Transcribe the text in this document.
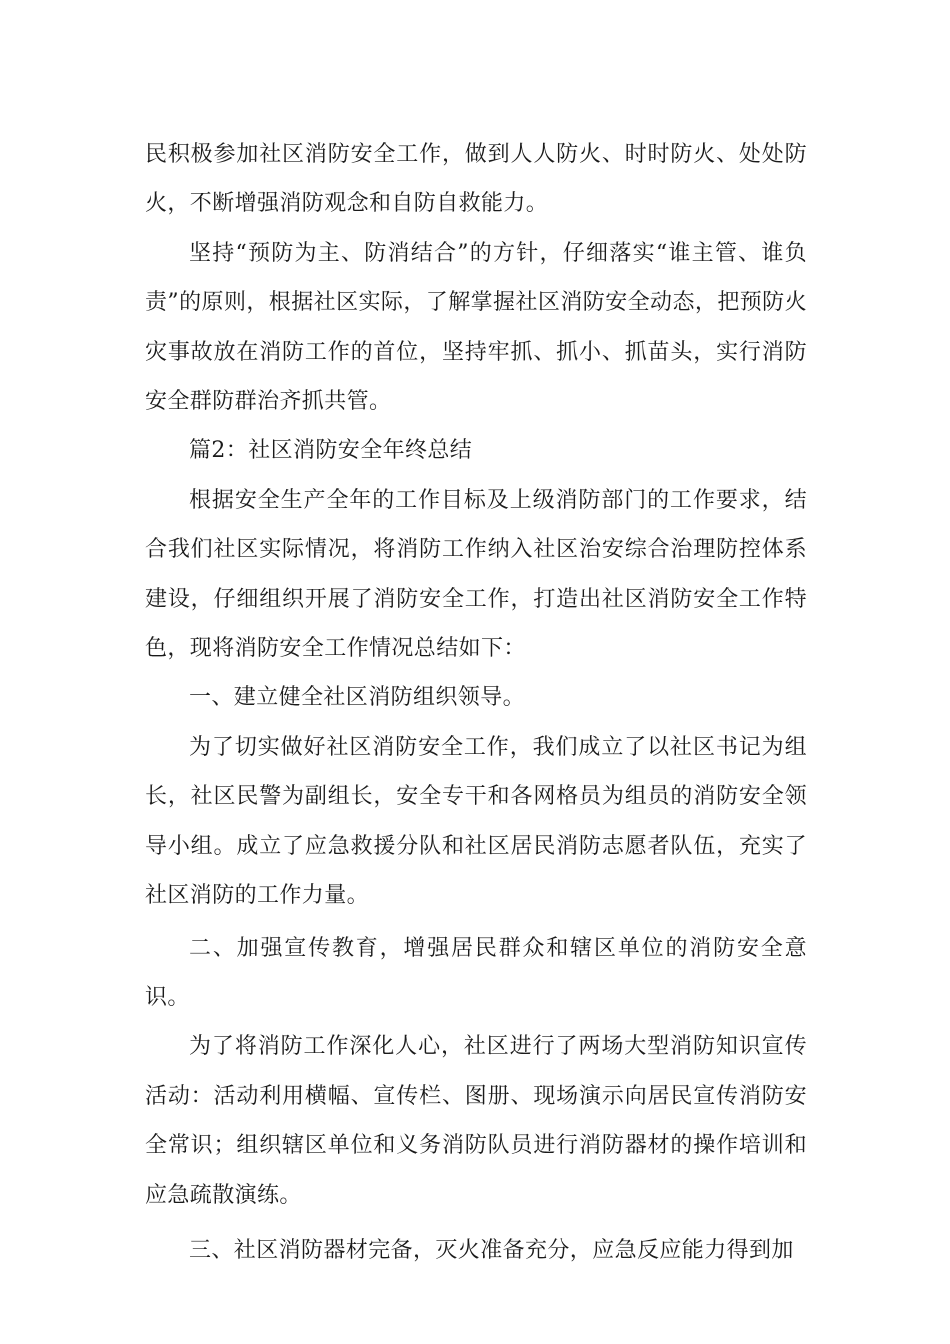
民积极参加社区消防安全工作，做到人人防火、时时防火、处处防火，不断增强消防观念和自防自救能力。

坚持“预防为主、防消结合”的方针，仔细落实“谁主管、谁负责”的原则，根据社区实际，了解掌握社区消防安全动态，把预防火灾事故放在消防工作的首位，坚持牢抓、抓小、抓苗头，实行消防安全群防群治齐抓共管。

篇2：社区消防安全年终总结

根据安全生产全年的工作目标及上级消防部门的工作要求，结合我们社区实际情况，将消防工作纳入社区治安综合治理防控体系建设，仔细组织开展了消防安全工作，打造出社区消防安全工作特色，现将消防安全工作情况总结如下：

一、建立健全社区消防组织领导。

为了切实做好社区消防安全工作，我们成立了以社区书记为组长，社区民警为副组长，安全专干和各网格员为组员的消防安全领导小组。成立了应急救援分队和社区居民消防志愿者队伍，充实了社区消防的工作力量。

二、加强宣传教育，增强居民群众和辖区单位的消防安全意识。

为了将消防工作深化人心，社区进行了两场大型消防知识宣传活动：活动利用横幅、宣传栏、图册、现场演示向居民宣传消防安全常识；组织辖区单位和义务消防队员进行消防器材的操作培训和应急疏散演练。

三、社区消防器材完备，灭火准备充分，应急反应能力得到加
